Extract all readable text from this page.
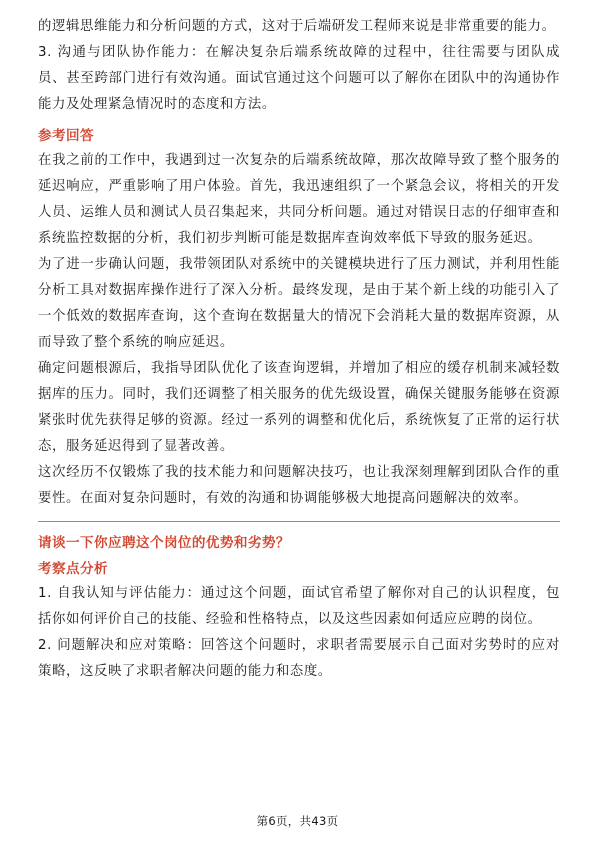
的逻辑思维能力和分析问题的方式，这对于后端研发工程师来说是非常重要的能力。

3. 沟通与团队协作能力：在解决复杂后端系统故障的过程中，往往需要与团队成员、甚至跨部门进行有效沟通。面试官通过这个问题可以了解你在团队中的沟通协作能力及处理紧急情况时的态度和方法。

参考回答

在我之前的工作中，我遇到过一次复杂的后端系统故障，那次故障导致了整个服务的延迟响应，严重影响了用户体验。首先，我迅速组织了一个紧急会议，将相关的开发人员、运维人员和测试人员召集起来，共同分析问题。通过对错误日志的仔细审查和系统监控数据的分析，我们初步判断可能是数据库查询效率低下导致的服务延迟。

为了进一步确认问题，我带领团队对系统中的关键模块进行了压力测试，并利用性能分析工具对数据库操作进行了深入分析。最终发现，是由于某个新上线的功能引入了一个低效的数据库查询，这个查询在数据量大的情况下会消耗大量的数据库资源，从而导致了整个系统的响应延迟。

确定问题根源后，我指导团队优化了该查询逻辑，并增加了相应的缓存机制来减轻数据库的压力。同时，我们还调整了相关服务的优先级设置，确保关键服务能够在资源紧张时优先获得足够的资源。经过一系列的调整和优化后，系统恢复了正常的运行状态，服务延迟得到了显著改善。

这次经历不仅锻炼了我的技术能力和问题解决技巧，也让我深刻理解到团队合作的重要性。在面对复杂问题时，有效的沟通和协调能够极大地提高问题解决的效率。

请谈一下你应聘这个岗位的优势和劣势？
考察点分析

1. 自我认知与评估能力：通过这个问题，面试官希望了解你对自己的认识程度，包括你如何评价自己的技能、经验和性格特点，以及这些因素如何适应应聘的岗位。

2. 问题解决和应对策略：回答这个问题时，求职者需要展示自己面对劣势时的应对策略，这反映了求职者解决问题的能力和态度。

第6页，共43页
